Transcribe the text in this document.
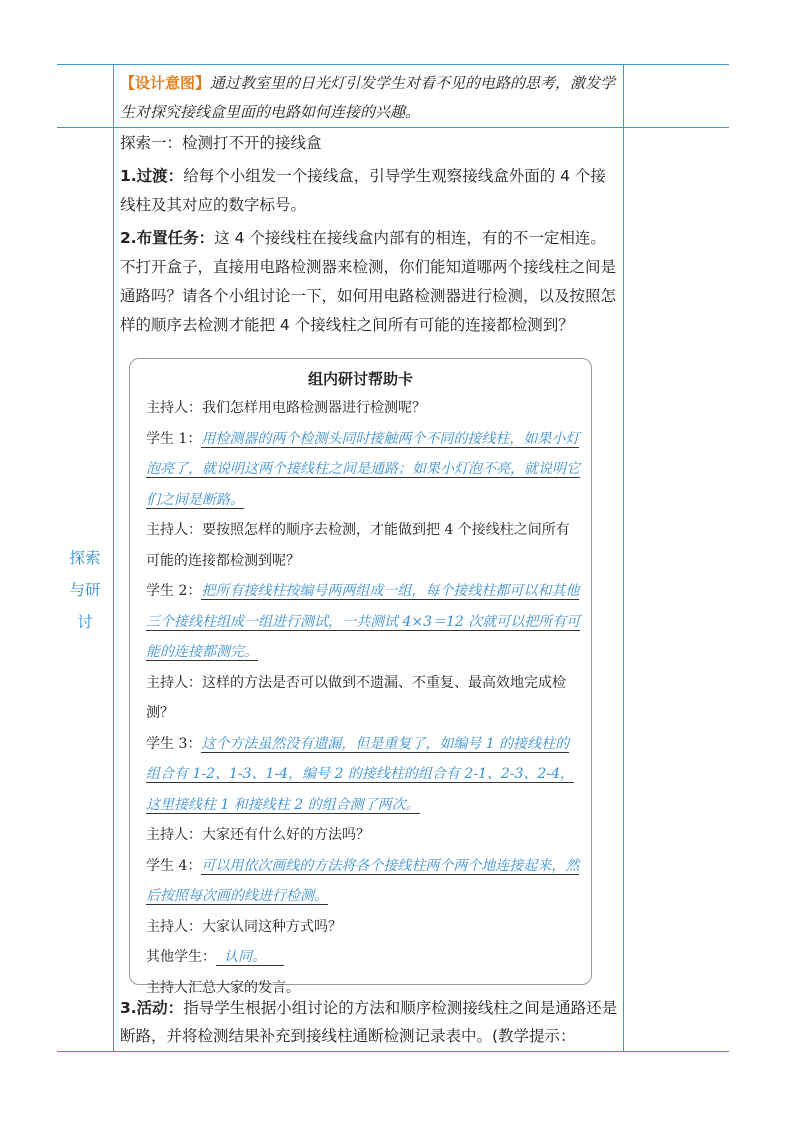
【设计意图】通过教室里的日光灯引发学生对看不见的电路的思考，激发学生对探究接线盒里面的电路如何连接的兴趣。
探索
与研
讨
探索一：检测打不开的接线盒
1.过渡：给每个小组发一个接线盒，引导学生观察接线盒外面的 4 个接线柱及其对应的数字标号。
2.布置任务：这 4 个接线柱在接线盒内部有的相连，有的不一定相连。不打开盒子，直接用电路检测器来检测，你们能知道哪两个接线柱之间是通路吗？请各个小组讨论一下，如何用电路检测器进行检测，以及按照怎样的顺序去检测才能把 4 个接线柱之间所有可能的连接都检测到？
组内研讨帮助卡

主持人：我们怎样用电路检测器进行检测呢？

学生 1：用检测器的两个检测头同时接触两个不同的接线柱，如果小灯泡亮了，就说明这两个接线柱之间是通路；如果小灯泡不亮，就说明它们之间是断路。

主持人：要按照怎样的顺序去检测，才能做到把 4 个接线柱之间所有可能的连接都检测到呢？

学生 2：把所有接线柱按编号两两组成一组，每个接线柱都可以和其他三个接线柱组成一组进行测试，一共测试 4×3＝12 次就可以把所有可能的连接都测完。

主持人：这样的方法是否可以做到不遗漏、不重复、最高效地完成检测？

学生 3：这个方法虽然没有遗漏，但是重复了，如编号 1 的接线柱的组合有 1-2、1-3、1-4，编号 2 的接线柱的组合有 2-1、2-3、2-4，这里接线柱 1 和接线柱 2 的组合测了两次。

主持人：大家还有什么好的方法吗？

学生 4：可以用依次画线的方法将各个接线柱两个两个地连接起来，然后按照每次画的线进行检测。

主持人：大家认同这种方式吗？

其他学生： 认同。

主持人汇总大家的发言。

3.活动：指导学生根据小组讨论的方法和顺序检测接线柱之间是通路还是断路，并将检测结果补充到接线柱通断检测记录表中。(教学提示：
